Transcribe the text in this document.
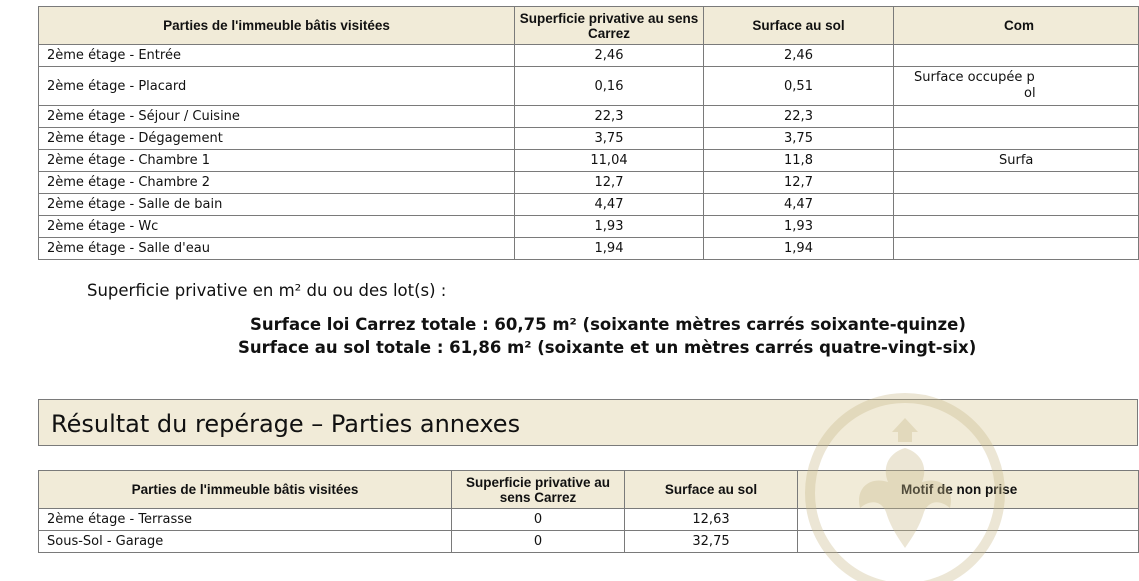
Parties de l'immeuble bâtis visitées	Superficie privative au sens Carrez	Surface au sol	Com
2ème étage - Entrée	2,46	2,46	
2ème étage - Placard	0,16	0,51	Surface occupée p
ol

2ème étage - Séjour / Cuisine	22,3	22,3	
2ème étage - Dégagement	3,75	3,75	
2ème étage - Chambre 1	11,04	11,8	Surfa
2ème étage - Chambre 2	12,7	12,7	
2ème étage - Salle de bain	4,47	4,47	
2ème étage - Wc	1,93	1,93	
2ème étage - Salle d'eau	1,94	1,94	
Superficie privative en m² du ou des lot(s) :
Surface loi Carrez totale : 60,75 m² (soixante mètres carrés soixante-quinze)
Surface au sol totale : 61,86 m² (soixante et un mètres carrés quatre-vingt-six)
Résultat du repérage – Parties annexes
Parties de l'immeuble bâtis visitées	Superficie privative au sens Carrez	Surface au sol	Motif de non prise
2ème étage - Terrasse	0	12,63	
Sous-Sol - Garage	0	32,75	
